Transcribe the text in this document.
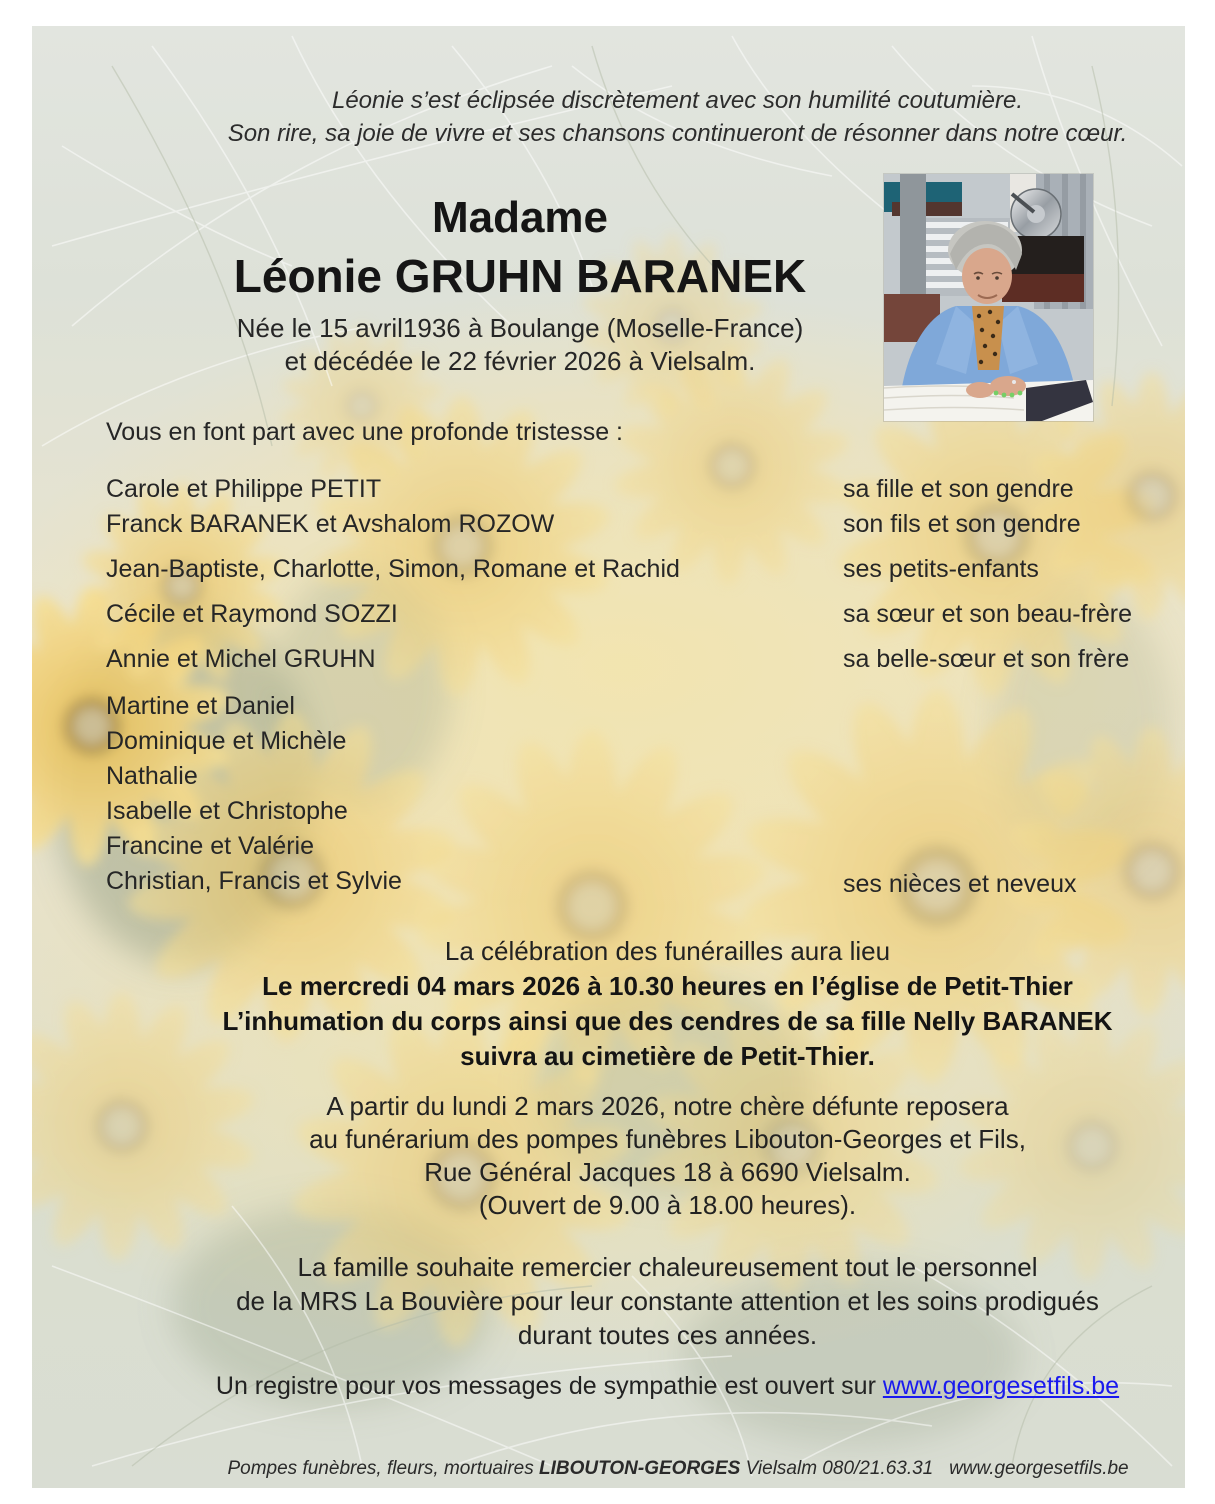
Léonie s’est éclipsée discrètement avec son humilité coutumière.
Son rire, sa joie de vivre et ses chansons continueront de résonner dans notre cœur.
Madame
Léonie GRUHN BARANEK
Née le 15 avril1936 à Boulange (Moselle-France)
et décédée le 22 février 2026 à Vielsalm.
Vous en font part avec une profonde tristesse :
Carole et Philippe PETIT	sa fille et son gendre
Franck BARANEK et Avshalom ROZOW	son fils et son gendre
Jean-Baptiste, Charlotte, Simon, Romane et Rachid	ses petits-enfants
Cécile et Raymond SOZZI	sa sœur et son beau-frère
Annie et Michel GRUHN	sa belle-sœur et son frère
Martine et Daniel
Dominique et Michèle
Nathalie
Isabelle et Christophe
Francine et Valérie
Christian, Francis et Sylvie	ses nièces et neveux
La célébration des funérailles aura lieu
Le mercredi 04 mars 2026 à 10.30 heures en l’église de Petit-Thier
L’inhumation du corps ainsi que des cendres de sa fille Nelly BARANEK
suivra au cimetière de Petit-Thier.
A partir du lundi 2 mars 2026, notre chère défunte reposera
au funérarium des pompes funèbres Libouton-Georges et Fils,
Rue Général Jacques 18 à 6690 Vielsalm.
(Ouvert de 9.00 à 18.00 heures).
La famille souhaite remercier chaleureusement tout le personnel
de la MRS La Bouvière pour leur constante attention et les soins prodigués
durant toutes ces années.
Un registre pour vos messages de sympathie est ouvert sur www.georgesetfils.be

Pompes funèbres, fleurs, mortuaires LIBOUTON-GEORGES Vielsalm 080/21.63.31   www.georgesetfils.be
